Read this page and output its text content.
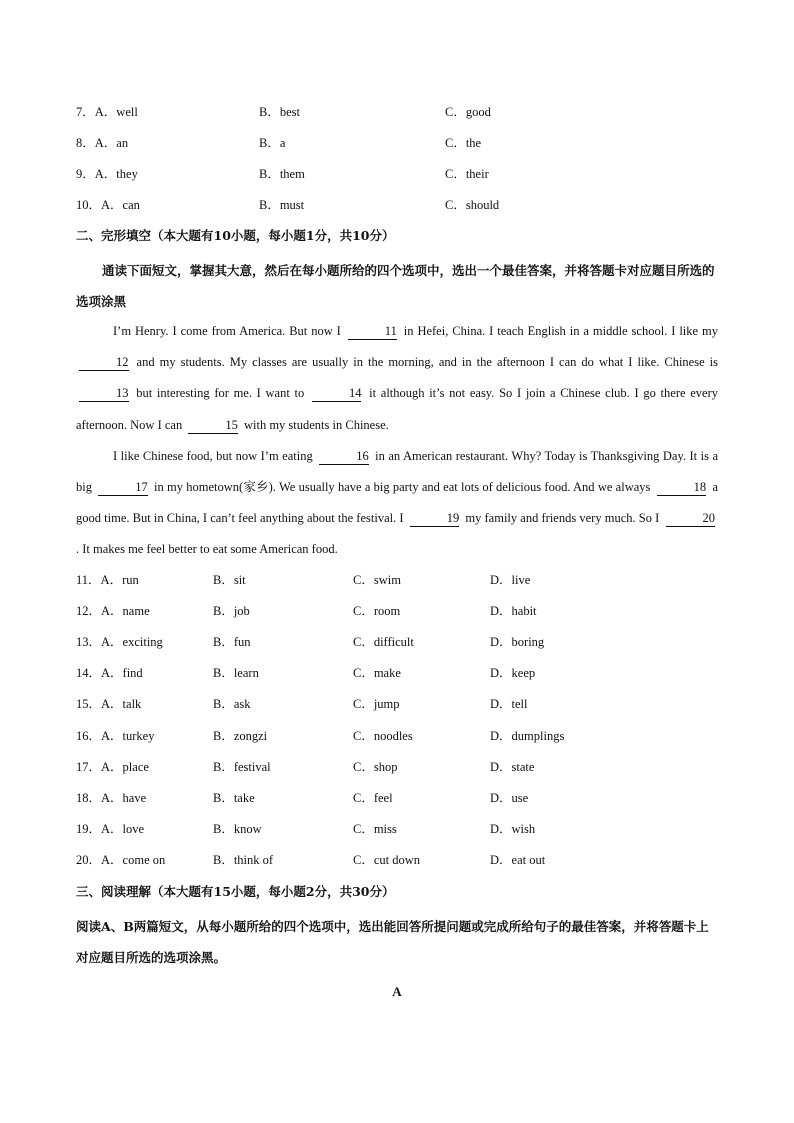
7．A．well	B．best	C．good
8．A．an	B．a	C．the
9．A．they	B．them	C．their
10．A．can	B．must	C．should
二、完形填空（本大题有10小题，每小题1分，共10分）
通读下面短文，掌握其大意，然后在每小题所给的四个选项中，选出一个最佳答案，并将答题卡对应题目所选的选项涂黑

I’m Henry. I come from America. But now I	11 in Hefei, China. I teach English in a middle school. I like my 12 and my students. My classes are usually in the morning, and in the afternoon I can do what I like. Chinese is 13 but interesting for me. I want to	14 it although it’s not easy. So I join a Chinese club. I go there every afternoon. Now I can	15 with my students in Chinese.

I like Chinese food, but now I’m eating	16 in an American restaurant. Why? Today is Thanksgiving Day. It is a big	17 in my hometown(家乡). We usually have a big party and eat lots of delicious food. And we always	18 a good time. But in China, I can’t feel anything about the festival. I	19 my family and friends very much. So I	20. It makes me feel better to eat some American food.

11．A．run	B．sit	C．swim	D．live
12．A．name	B．job	C．room	D．habit
13．A．exciting	B．fun	C．difficult	D．boring
14．A．find	B．learn	C．make	D．keep
15．A．talk	B．ask	C．jump	D．tell
16．A．turkey	B．zongzi	C．noodles	D．dumplings
17．A．place	B．festival	C．shop	D．state
18．A．have	B．take	C．feel	D．use
19．A．love	B．know	C．miss	D．wish
20．A．come on	B．think of	C．cut down	D．eat out
三、阅读理解（本大题有15小题，每小题2分，共30分）
阅读A、B两篇短文，从每小题所给的四个选项中，选出能回答所提问题或完成所给句子的最佳答案，并将答题卡上对应题目所选的选项涂黑。
A
